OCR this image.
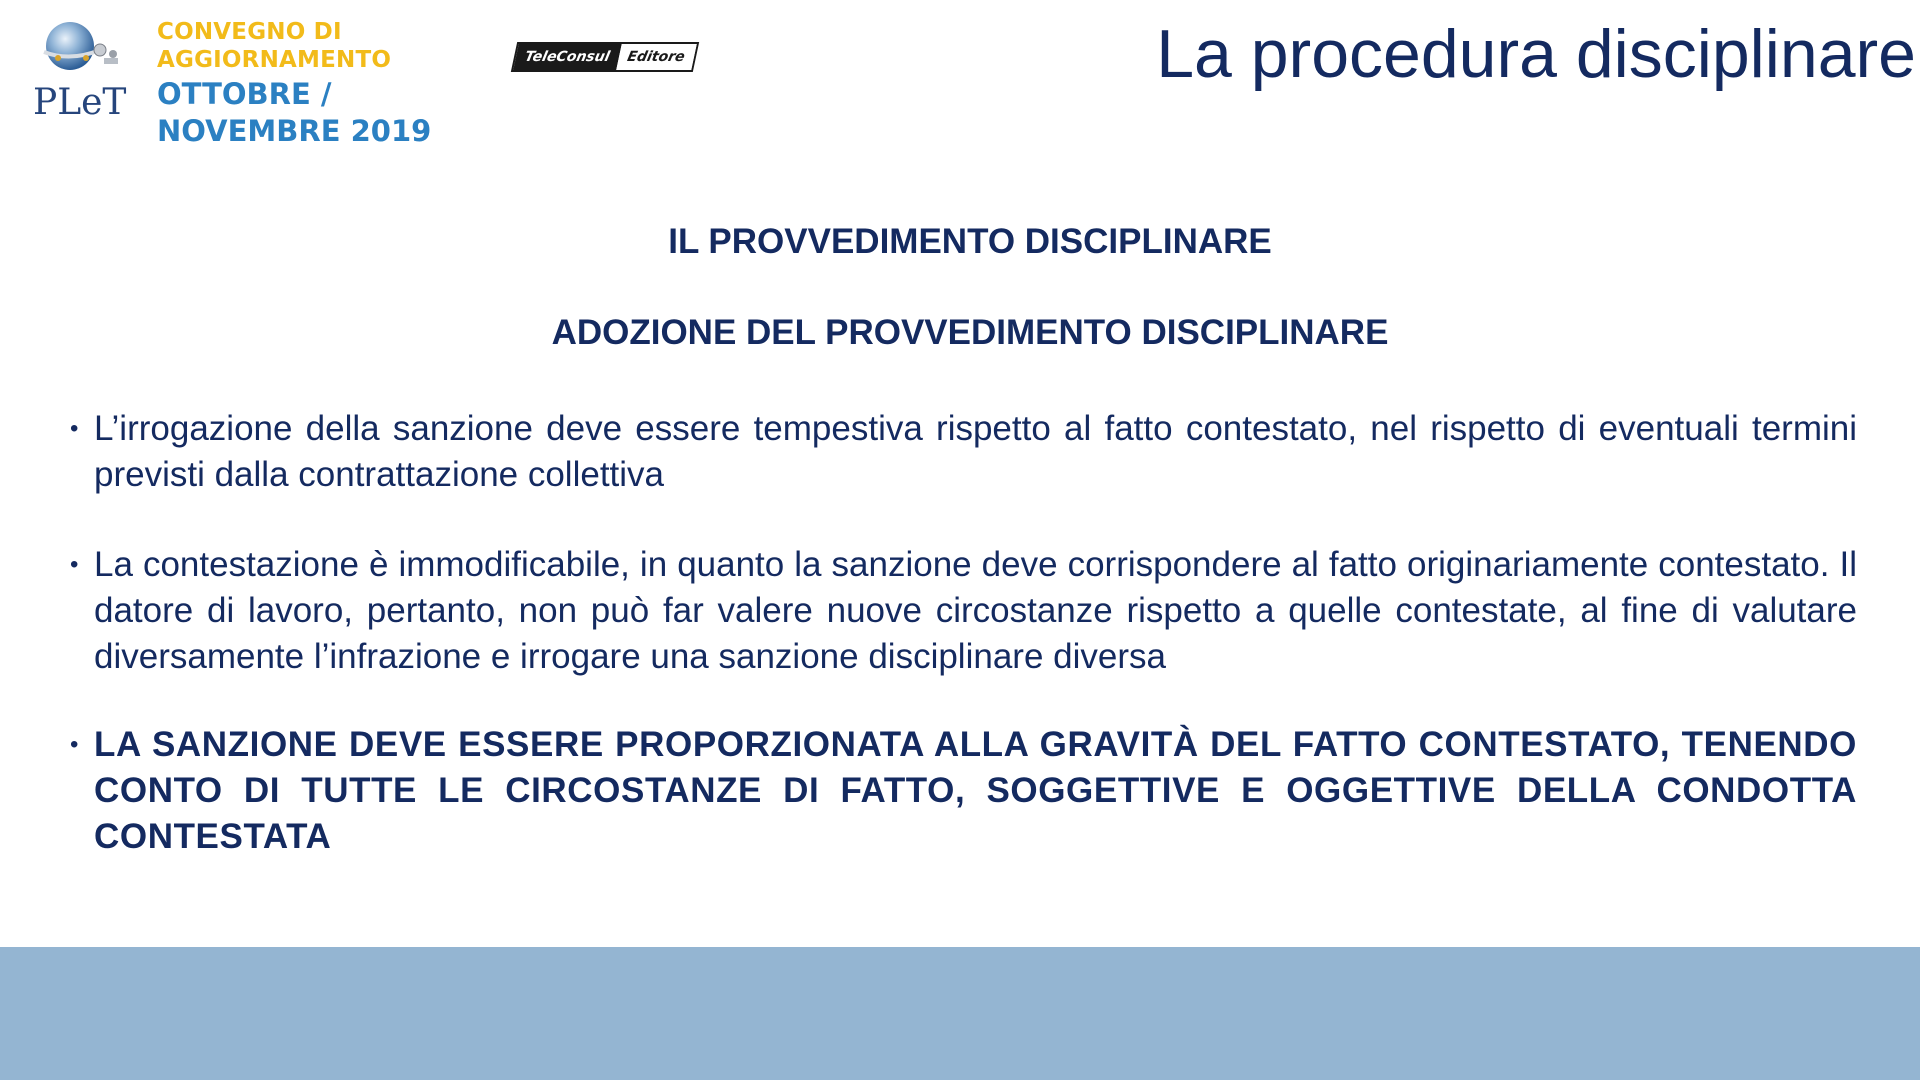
PLeT
CONVEGNO DI
AGGIORNAMENTO
OTTOBRE /
NOVEMBRE 2019
TeleConsul	Editore	La procedura disciplinare
IL PROVVEDIMENTO DISCIPLINARE
ADOZIONE DEL PROVVEDIMENTO DISCIPLINARE
• L’irrogazione della sanzione deve essere tempestiva rispetto al fatto contestato, nel rispetto di eventuali termini previsti dalla contrattazione collettiva
• La contestazione è immodificabile, in quanto la sanzione deve corrispondere al fatto originariamente contestato. Il datore di lavoro, pertanto, non può far valere nuove circostanze rispetto a quelle contestate, al fine di valutare diversamente l’infrazione e irrogare una sanzione disciplinare diversa
• LA SANZIONE DEVE ESSERE PROPORZIONATA ALLA GRAVITÀ DEL FATTO CONTESTATO, TENENDO CONTO DI TUTTE LE CIRCOSTANZE DI FATTO, SOGGETTIVE E OGGETTIVE DELLA CONDOTTA CONTESTATA
